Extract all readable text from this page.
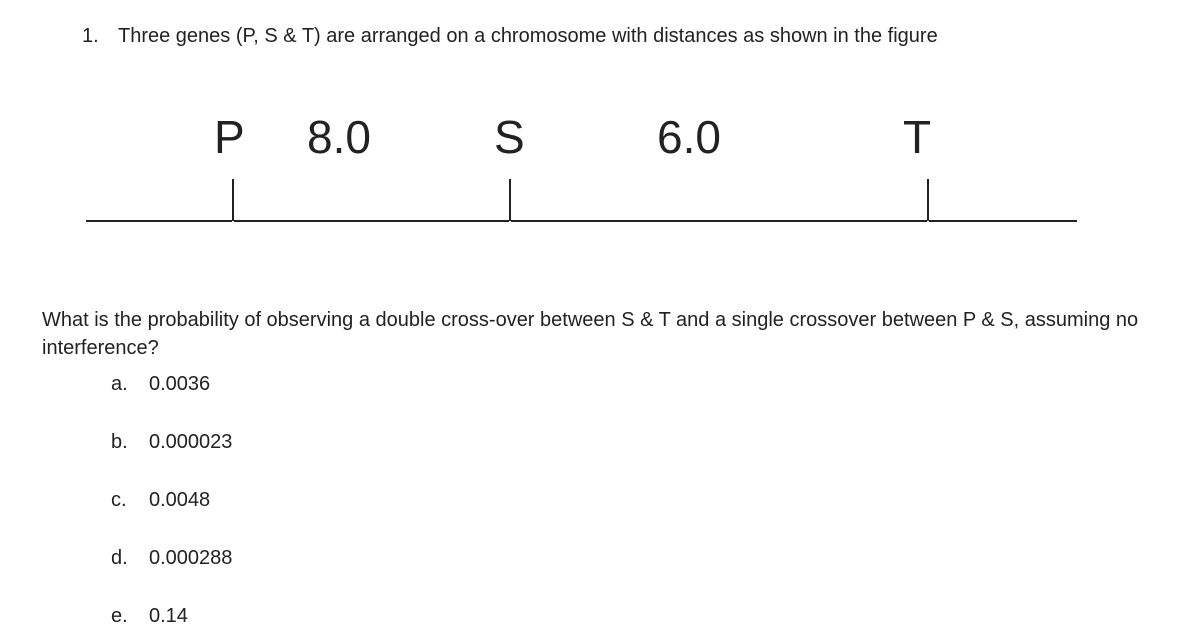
1. Three genes (P, S & T) are arranged on a chromosome with distances as shown in the figure
P 8.0	S	6.0	T
What is the probability of observing a double cross-over between S & T and a single crossover between P & S, assuming no interference?
a. 0.0036
b. 0.000023
c. 0.0048
d. 0.000288
e. 0.14
